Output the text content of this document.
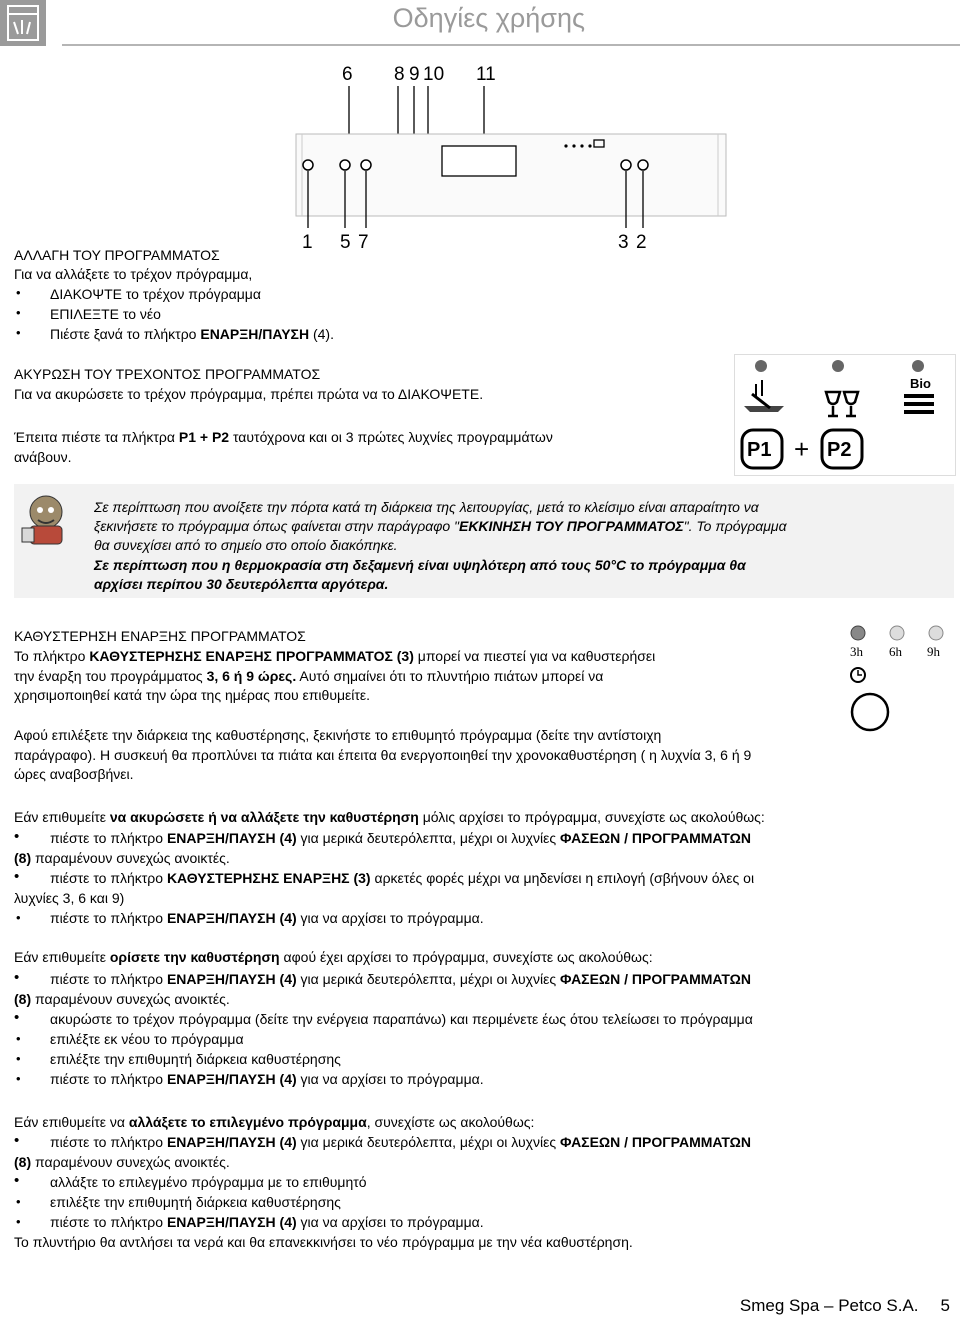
Οδηγίες χρήσης
6 8 9 10 11
1 5 7	3 2
ΑΛΛΑΓΗ ΤΟΥ ΠΡΟΓΡΑΜΜΑΤΟΣ
Για να αλλάξετε το τρέχον πρόγραμμα,
• ΔΙΑΚΟΨΤΕ το τρέχον πρόγραμμα
• ΕΠΙΛΕΞΤΕ το νέο
• Πιέστε ξανά το πλήκτρο ΕΝΑΡΞΗ/ΠΑΥΣΗ (4).
ΑΚΥΡΩΣΗ ΤΟΥ ΤΡΕΧΟΝΤΟΣ ΠΡΟΓΡΑΜΜΑΤΟΣ
Για να ακυρώσετε το τρέχον πρόγραμμα, πρέπει πρώτα να το ΔΙΑΚΟΨΕΤΕ.
Έπειτα πιέστε τα πλήκτρα P1 + P2 ταυτόχρονα και οι 3 πρώτες λυχνίες προγραμμάτων
ανάβουν.
Bio
P1 + P2
Σε περίπτωση που ανοίξετε την πόρτα κατά τη διάρκεια της λειτουργίας, μετά το κλείσιμο είναι απαραίτητο να
ξεκινήσετε το πρόγραμμα όπως φαίνεται στην παράγραφο "ΕΚΚΙΝΗΣΗ ΤΟΥ ΠΡΟΓΡΑΜΜΑΤΟΣ". Το πρόγραμμα
θα συνεχίσει από το σημείο στο οποίο διακόπηκε.
Σε περίπτωση που η θερμοκρασία στη δεξαμενή είναι υψηλότερη από τους 50°C το πρόγραμμα θα
αρχίσει περίπου 30 δευτερόλεπτα αργότερα.
3h 6h 9h
ΚΑΘΥΣΤΕΡΗΣΗ ΕΝΑΡΞΗΣ ΠΡΟΓΡΑΜΜΑΤΟΣ
Το πλήκτρο ΚΑΘΥΣΤΕΡΗΣΗΣ ΕΝΑΡΞΗΣ ΠΡΟΓΡΑΜΜΑΤΟΣ (3) μπορεί να πιεστεί για να καθυστερήσει
την έναρξη του προγράμματος 3, 6 ή 9 ώρες. Αυτό σημαίνει ότι το πλυντήριο πιάτων μπορεί να
χρησιμοποιηθεί κατά την ώρα της ημέρας που επιθυμείτε.
Αφού επιλέξετε την διάρκεια της καθυστέρησης, ξεκινήστε το επιθυμητό πρόγραμμα (δείτε την αντίστοιχη
παράγραφο). Η συσκευή θα προπλύνει τα πιάτα και έπειτα θα ενεργοποιηθεί την χρονοκαθυστέρηση ( η λυχνία 3, 6 ή 9
ώρες αναβοσβήνει.
Εάν επιθυμείτε να ακυρώσετε ή να αλλάξετε την καθυστέρηση μόλις αρχίσει το πρόγραμμα, συνεχίστε ως ακολούθως:
• πιέστε το πλήκτρο ΕΝΑΡΞΗ/ΠΑΥΣΗ (4) για μερικά δευτερόλεπτα, μέχρι οι λυχνίες ΦΑΣΕΩΝ / ΠΡΟΓΡΑΜΜΑΤΩΝ
(8) παραμένουν συνεχώς ανοικτές.
• πιέστε το πλήκτρο ΚΑΘΥΣΤΕΡΗΣΗΣ ΕΝΑΡΞΗΣ (3) αρκετές φορές μέχρι να μηδενίσει η επιλογή (σβήνουν όλες οι
λυχνίες 3, 6 και 9)
• πιέστε το πλήκτρο ΕΝΑΡΞΗ/ΠΑΥΣΗ (4) για να αρχίσει το πρόγραμμα.
Εάν επιθυμείτε ορίσετε την καθυστέρηση αφού έχει αρχίσει το πρόγραμμα, συνεχίστε ως ακολούθως:
• πιέστε το πλήκτρο ΕΝΑΡΞΗ/ΠΑΥΣΗ (4) για μερικά δευτερόλεπτα, μέχρι οι λυχνίες ΦΑΣΕΩΝ / ΠΡΟΓΡΑΜΜΑΤΩΝ
(8) παραμένουν συνεχώς ανοικτές.
• ακυρώστε το τρέχον πρόγραμμα (δείτε την ενέργεια παραπάνω) και περιμένετε έως ότου τελείωσει το πρόγραμμα
• επιλέξτε εκ νέου το πρόγραμμα
• επιλέξτε την επιθυμητή διάρκεια καθυστέρησης
• πιέστε το πλήκτρο ΕΝΑΡΞΗ/ΠΑΥΣΗ (4) για να αρχίσει το πρόγραμμα.
Εάν επιθυμείτε να αλλάξετε το επιλεγμένο πρόγραμμα, συνεχίστε ως ακολούθως:
• πιέστε το πλήκτρο ΕΝΑΡΞΗ/ΠΑΥΣΗ (4) για μερικά δευτερόλεπτα, μέχρι οι λυχνίες ΦΑΣΕΩΝ / ΠΡΟΓΡΑΜΜΑΤΩΝ
(8) παραμένουν συνεχώς ανοικτές.
• αλλάξτε το επιλεγμένο πρόγραμμα με το επιθυμητό
• επιλέξτε την επιθυμητή διάρκεια καθυστέρησης
• πιέστε το πλήκτρο ΕΝΑΡΞΗ/ΠΑΥΣΗ (4) για να αρχίσει το πρόγραμμα.
Το πλυντήριο θα αντλήσει τα νερά και θα επανεκκινήσει το νέο πρόγραμμα με την νέα καθυστέρηση.
Smeg Spa – Petco S.A. 5
